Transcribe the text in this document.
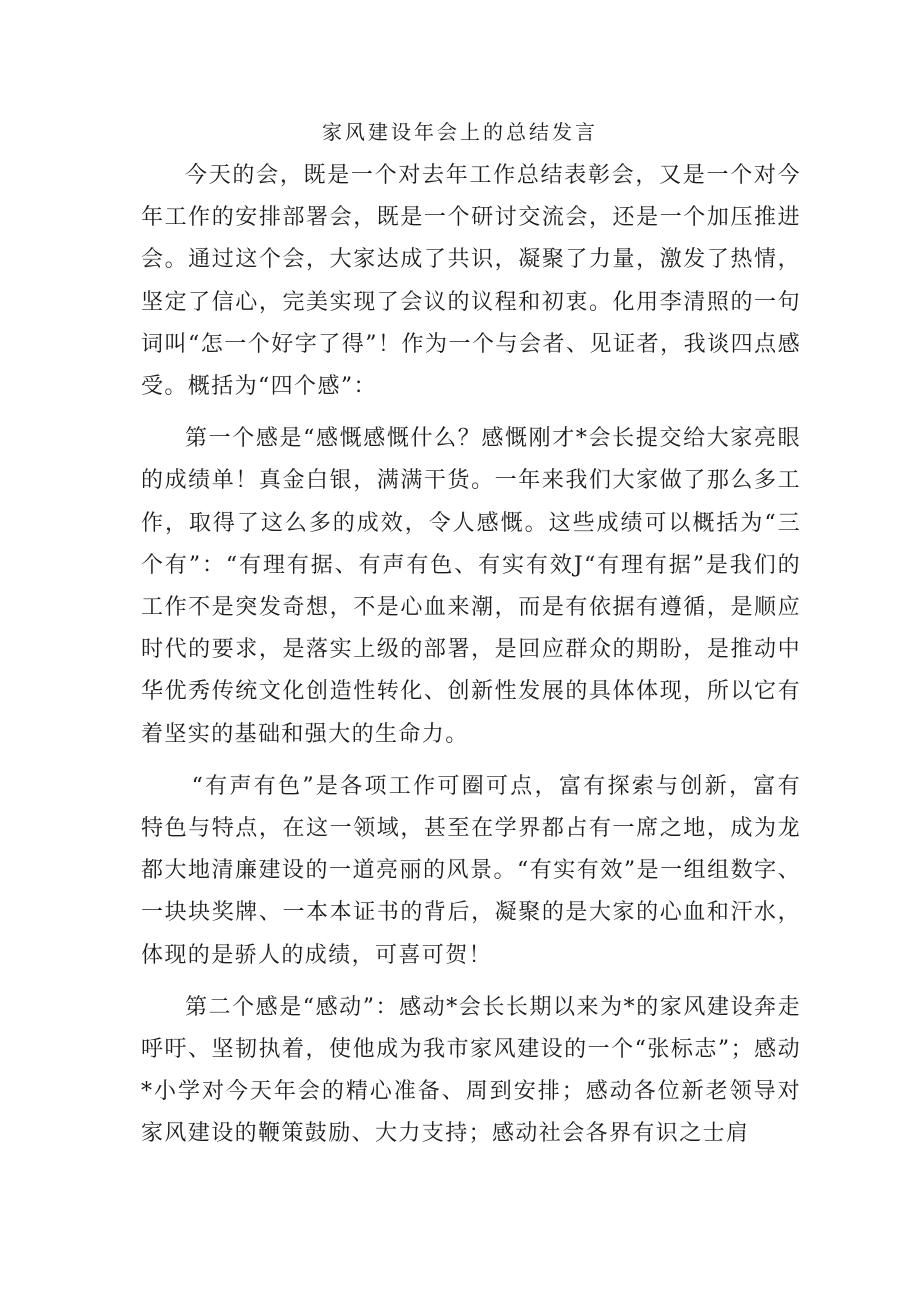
家风建设年会上的总结发言

今天的会，既是一个对去年工作总结表彰会，又是一个对今年工作的安排部署会，既是一个研讨交流会，还是一个加压推进会。通过这个会，大家达成了共识，凝聚了力量，激发了热情，坚定了信心，完美实现了会议的议程和初衷。化用李清照的一句词叫“怎一个好字了得”！作为一个与会者、见证者，我谈四点感受。概括为“四个感”：

第一个感是“感慨感慨什么？感慨刚才*会长提交给大家亮眼的成绩单！真金白银，满满干货。一年来我们大家做了那么多工作，取得了这么多的成效，令人感慨。这些成绩可以概括为“三个有”：“有理有据、有声有色、有实有效J“有理有据”是我们的工作不是突发奇想，不是心血来潮，而是有依据有遵循，是顺应时代的要求，是落实上级的部署，是回应群众的期盼，是推动中华优秀传统文化创造性转化、创新性发展的具体体现，所以它有着坚实的基础和强大的生命力。

“有声有色”是各项工作可圈可点，富有探索与创新，富有特色与特点，在这一领域，甚至在学界都占有一席之地，成为龙都大地清廉建设的一道亮丽的风景。“有实有效”是一组组数字、一块块奖牌、一本本证书的背后，凝聚的是大家的心血和汗水，体现的是骄人的成绩，可喜可贺！

第二个感是“感动”：感动*会长长期以来为*的家风建设奔走呼吁、坚韧执着，使他成为我市家风建设的一个“张标志”；感动*小学对今天年会的精心准备、周到安排；感动各位新老领导对家风建设的鞭策鼓励、大力支持；感动社会各界有识之士肩
